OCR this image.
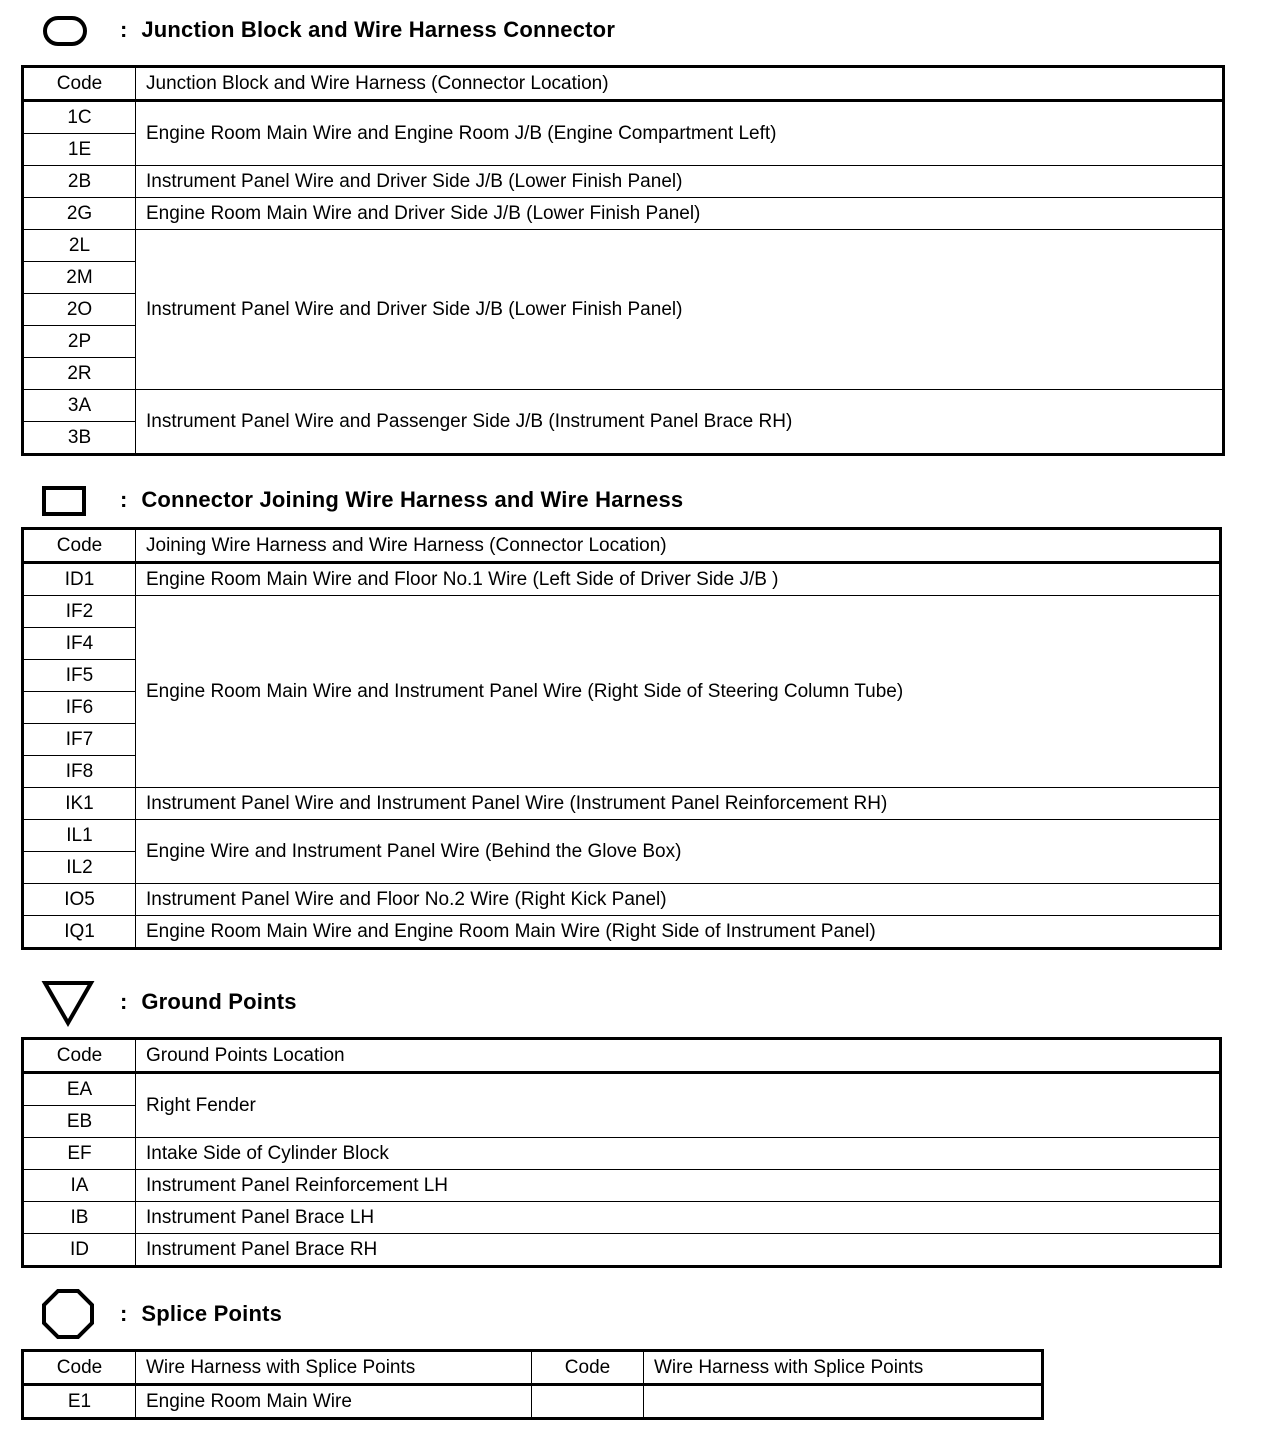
: Junction Block and Wire Harness Connector
Code	Junction Block and Wire Harness (Connector Location)
1C	Engine Room Main Wire and Engine Room J/B (Engine Compartment Left)
1E	
2B	Instrument Panel Wire and Driver Side J/B (Lower Finish Panel)
2G	Engine Room Main Wire and Driver Side J/B (Lower Finish Panel)
2L	Instrument Panel Wire and Driver Side J/B (Lower Finish Panel)
2M	
2O	
2P	
2R	
3A	Instrument Panel Wire and Passenger Side J/B (Instrument Panel Brace RH)
3B	
: Connector Joining Wire Harness and Wire Harness
Code	Joining Wire Harness and Wire Harness (Connector Location)
ID1	Engine Room Main Wire and Floor No.1 Wire (Left Side of Driver Side J/B )
IF2	Engine Room Main Wire and Instrument Panel Wire (Right Side of Steering Column Tube)
IF4	
IF5	
IF6	
IF7	
IF8	
IK1	Instrument Panel Wire and Instrument Panel Wire (Instrument Panel Reinforcement RH)
IL1	Engine Wire and Instrument Panel Wire (Behind the Glove Box)
IL2	
IO5	Instrument Panel Wire and Floor No.2 Wire (Right Kick Panel)
IQ1	Engine Room Main Wire and Engine Room Main Wire (Right Side of Instrument Panel)
: Ground Points
Code	Ground Points Location
EA	Right Fender
EB	
EF	Intake Side of Cylinder Block
IA	Instrument Panel Reinforcement LH
IB	Instrument Panel Brace LH
ID	Instrument Panel Brace RH
: Splice Points
Code	Wire Harness with Splice Points	Code	Wire Harness with Splice Points
E1	Engine Room Main Wire		
